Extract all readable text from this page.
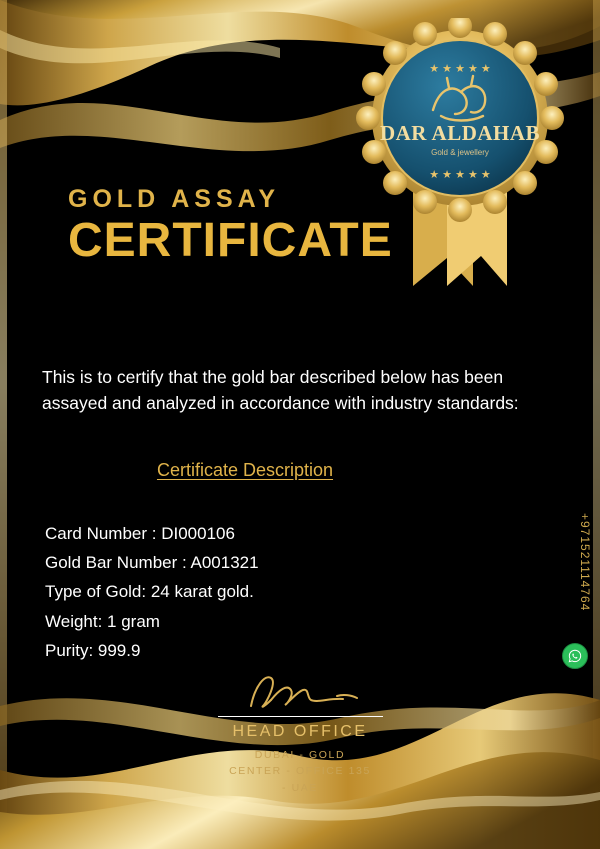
★ ★ ★ ★ ★
★ ★ ★ ★ ★
DAR ALDAHAB
Gold & jewellery
GOLD ASSAY
CERTIFICATE
This is to certify that the gold bar described below has been assayed and analyzed in accordance with industry standards:
Certificate Description
Card Number : DI000106
Gold Bar Number : A001321
Type of Gold: 24 karat gold.
Weight: 1 gram
Purity: 999.9
HEAD OFFICE
DUBAI - GOLD
CENTER - OFFICE 135
- UAE
+971521114764
